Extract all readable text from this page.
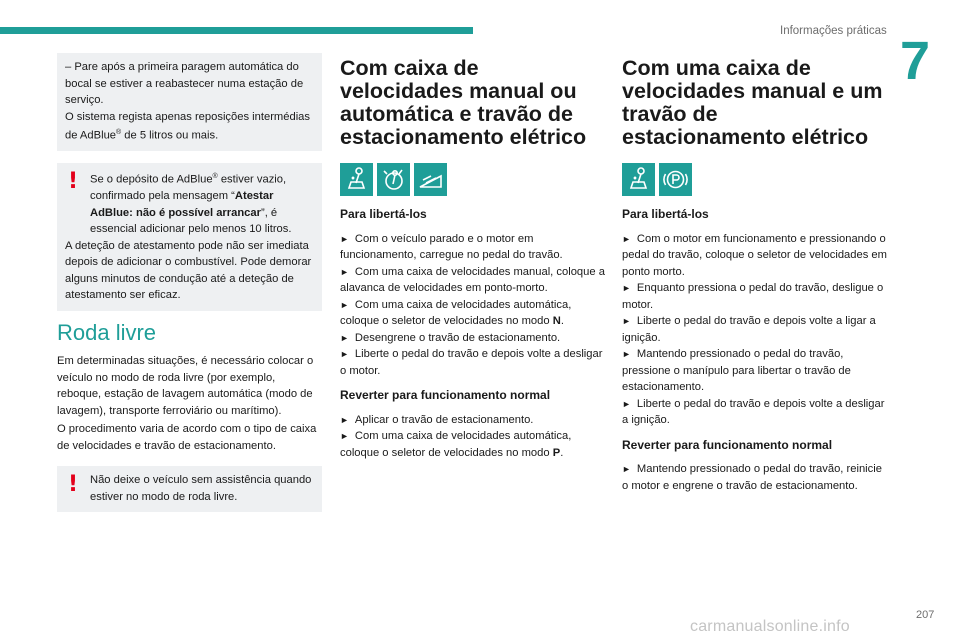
Informações práticas 7

– Pare após a primeira paragem automática do bocal se estiver a reabastecer numa estação de serviço.

O sistema regista apenas reposições intermédias de AdBlue® de 5 litros ou mais.

! Se o depósito de AdBlue® estiver vazio, confirmado pela mensagem “Atestar AdBlue: não é possível arrancar”, é essencial adicionar pelo menos 10 litros.

A deteção de atestamento pode não ser imediata depois de adicionar o combustível. Pode demorar alguns minutos de condução até a deteção de atestamento ser eficaz.

Roda livre

Em determinadas situações, é necessário colocar o veículo no modo de roda livre (por exemplo, reboque, estação de lavagem automática (modo de lavagem), transporte ferroviário ou marítimo).

O procedimento varia de acordo com o tipo de caixa de velocidades e travão de estacionamento.

! Não deixe o veículo sem assistência quando estiver no modo de roda livre.

Com caixa de velocidades manual ou automática e travão de estacionamento elétrico
Para libertá-los

► Com o veículo parado e o motor em funcionamento, carregue no pedal do travão.

► Com uma caixa de velocidades manual, coloque a alavanca de velocidades em ponto-morto.

► Com uma caixa de velocidades automática, coloque o seletor de velocidades no modo N.

► Desengrene o travão de estacionamento.

► Liberte o pedal do travão e depois volte a desligar o motor.

Reverter para funcionamento normal

► Aplicar o travão de estacionamento.

► Com uma caixa de velocidades automática, coloque o seletor de velocidades no modo P.

Com uma caixa de velocidades manual e um travão de estacionamento elétrico
Para libertá-los

► Com o motor em funcionamento e pressionando o pedal do travão, coloque o seletor de velocidades em ponto morto.

► Enquanto pressiona o pedal do travão, desligue o motor.

► Liberte o pedal do travão e depois volte a ligar a ignição.

► Mantendo pressionado o pedal do travão, pressione o manípulo para libertar o travão de estacionamento.

► Liberte o pedal do travão e depois volte a desligar a ignição.

Reverter para funcionamento normal

► Mantendo pressionado o pedal do travão, reinicie o motor e engrene o travão de estacionamento.

207
carmanualsonline.info
